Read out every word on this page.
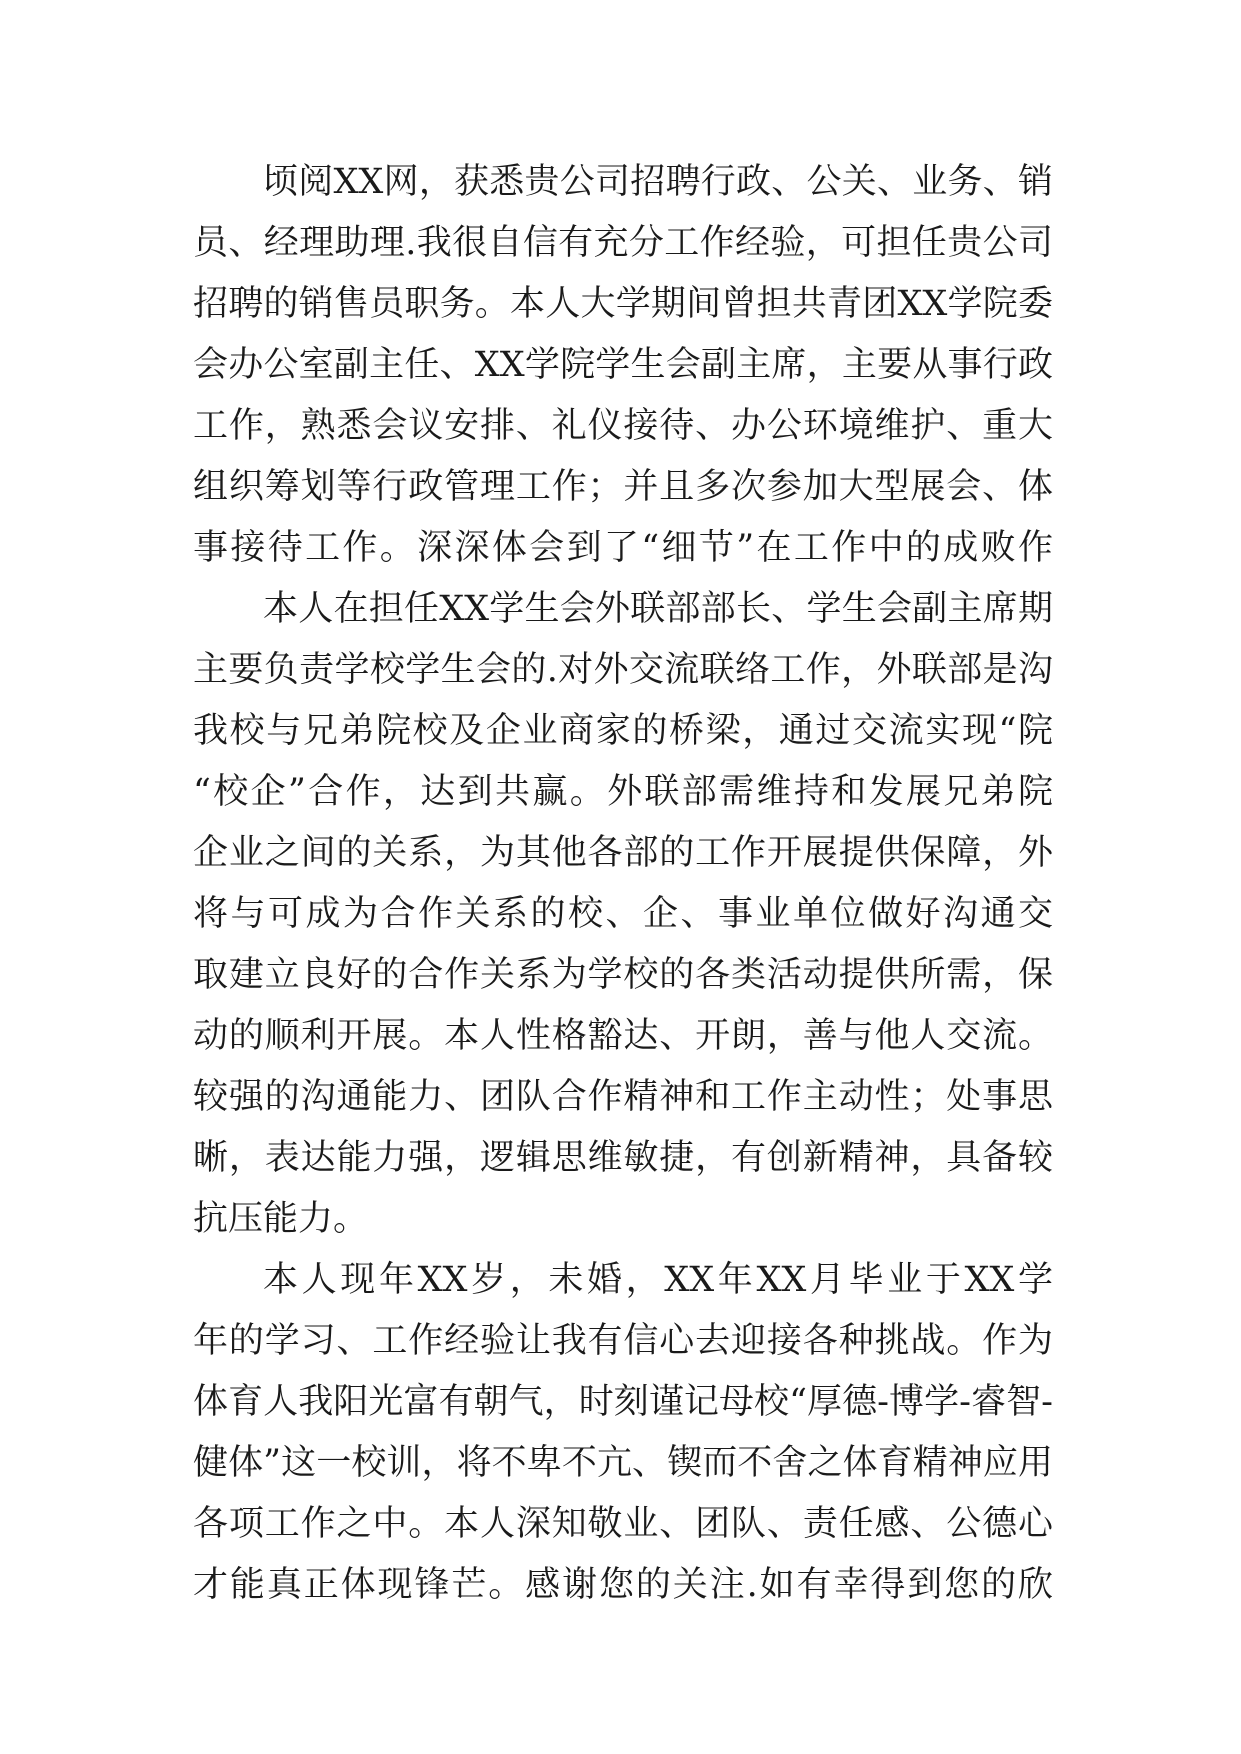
顷阅XX网，获悉贵公司招聘行政、公关、业务、销
员、经理助理.我很自信有充分工作经验，可担任贵公司
招聘的销售员职务。本人大学期间曾担共青团XX学院委
会办公室副主任、XX学院学生会副主席，主要从事行政
工作，熟悉会议安排、礼仪接待、办公环境维护、重大
组织筹划等行政管理工作；并且多次参加大型展会、体
事接待工作。深深体会到了“细节”在工作中的成败作
本人在担任XX学生会外联部部长、学生会副主席期
主要负责学校学生会的.对外交流联络工作，外联部是沟
我校与兄弟院校及企业商家的桥梁，通过交流实现“院
“校企”合作，达到共赢。外联部需维持和发展兄弟院
企业之间的关系，为其他各部的工作开展提供保障，外
将与可成为合作关系的校、企、事业单位做好沟通交
取建立良好的合作关系为学校的各类活动提供所需，保
动的顺利开展。本人性格豁达、开朗，善与他人交流。
较强的沟通能力、团队合作精神和工作主动性；处事思
晰，表达能力强，逻辑思维敏捷，有创新精神，具备较
抗压能力。
本人现年XX岁，未婚，XX年XX月毕业于XX学
年的学习、工作经验让我有信心去迎接各种挑战。作为
体育人我阳光富有朝气，时刻谨记母校“厚德-博学-睿智-
健体”这一校训，将不卑不亢、锲而不舍之体育精神应用
各项工作之中。本人深知敬业、团队、责任感、公德心
才能真正体现锋芒。感谢您的关注.如有幸得到您的欣
